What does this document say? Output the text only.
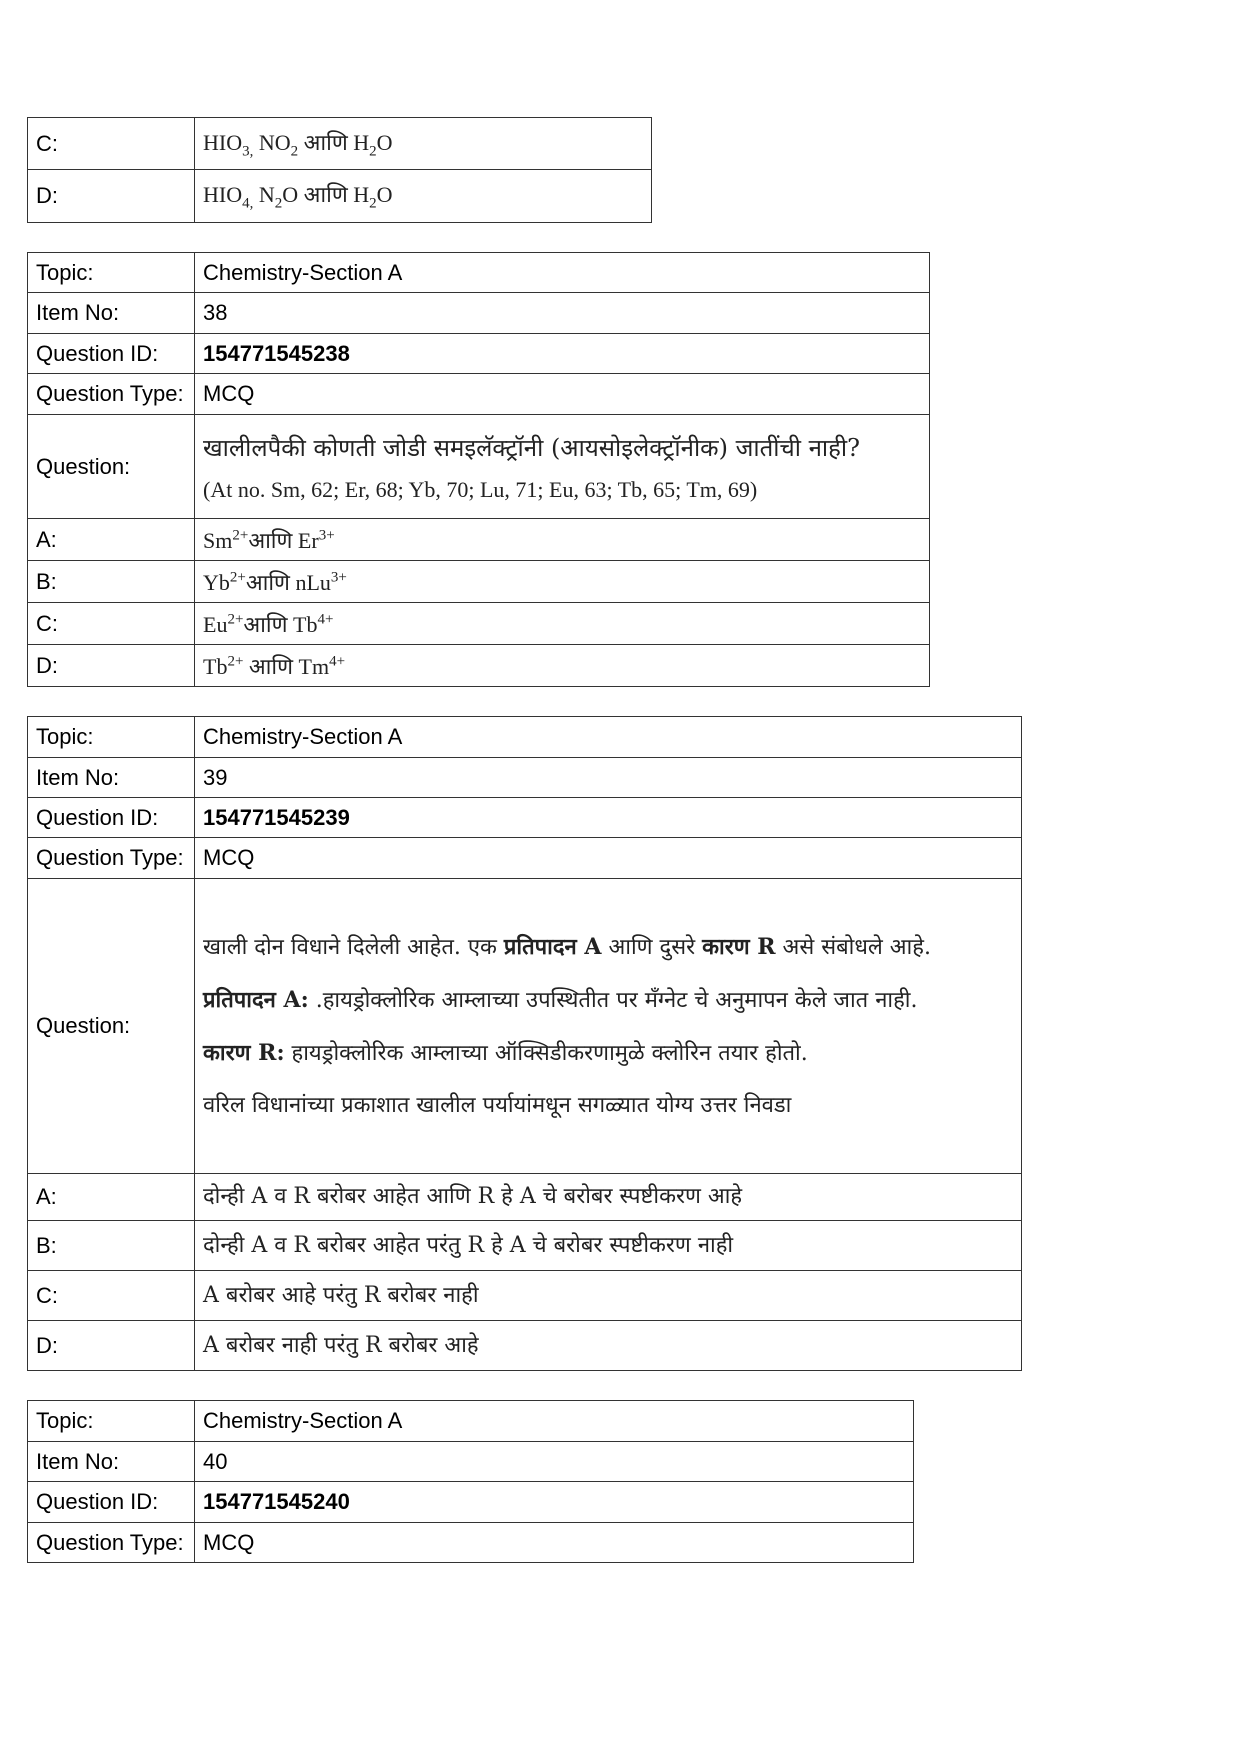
C:	$HIO_{3,}$ $NO_2$ आणि $H_2O$
D:	$HIO_{4,}$ $N_2O$ आणि $H_2O$
Topic:	Chemistry-Section A
Item No:	38
Question ID:	154771545238
Question Type:	MCQ
Question:	खालीलपैकी कोणती जोडी समइलॅक्ट्रॉनी (आयसोइलेक्ट्रॉनीक) जातींची नाही?

(At no. Sm, 62; Er, 68; Yb, 70; Lu, 71; Eu, 63; Tb, 65; Tm, 69)

A:	$Sm^{2+}आणि$ $Er^{3+}$
B:	$Yb^{2+}आणि$ nLu$^{3+}$
C:	$Eu^{2+}आणि$ $Tb^{4+}$
D:	$Tb^{2+}$ आणि $Tm^{4+}$
Topic:	Chemistry-Section A
Item No:	39
Question ID:	154771545239
Question Type:	MCQ
Question:	खाली दोन विधाने दिलेली आहेत. एक प्रतिपादन A आणि दुसरे कारण R असे संबोधले आहे.

प्रतिपादन A: .हायड्रोक्लोरिक आम्लाच्या उपस्थितीत पर मँग्नेट चे अनुमापन केले जात नाही.

कारण R: हायड्रोक्लोरिक आम्लाच्या ऑक्सिडीकरणामुळे क्लोरिन तयार होतो.

वरिल विधानांच्या प्रकाशात खालील पर्यायांमधून सगळ्यात योग्य उत्तर निवडा

A:	दोन्ही A व R बरोबर आहेत आणि R हे A चे बरोबर स्पष्टीकरण आहे
B:	दोन्ही A व R बरोबर आहेत परंतु R हे A चे बरोबर स्पष्टीकरण नाही
C:	A बरोबर आहे परंतु R बरोबर नाही
D:	A बरोबर नाही परंतु R बरोबर आहे
Topic:	Chemistry-Section A
Item No:	40
Question ID:	154771545240
Question Type:	MCQ
